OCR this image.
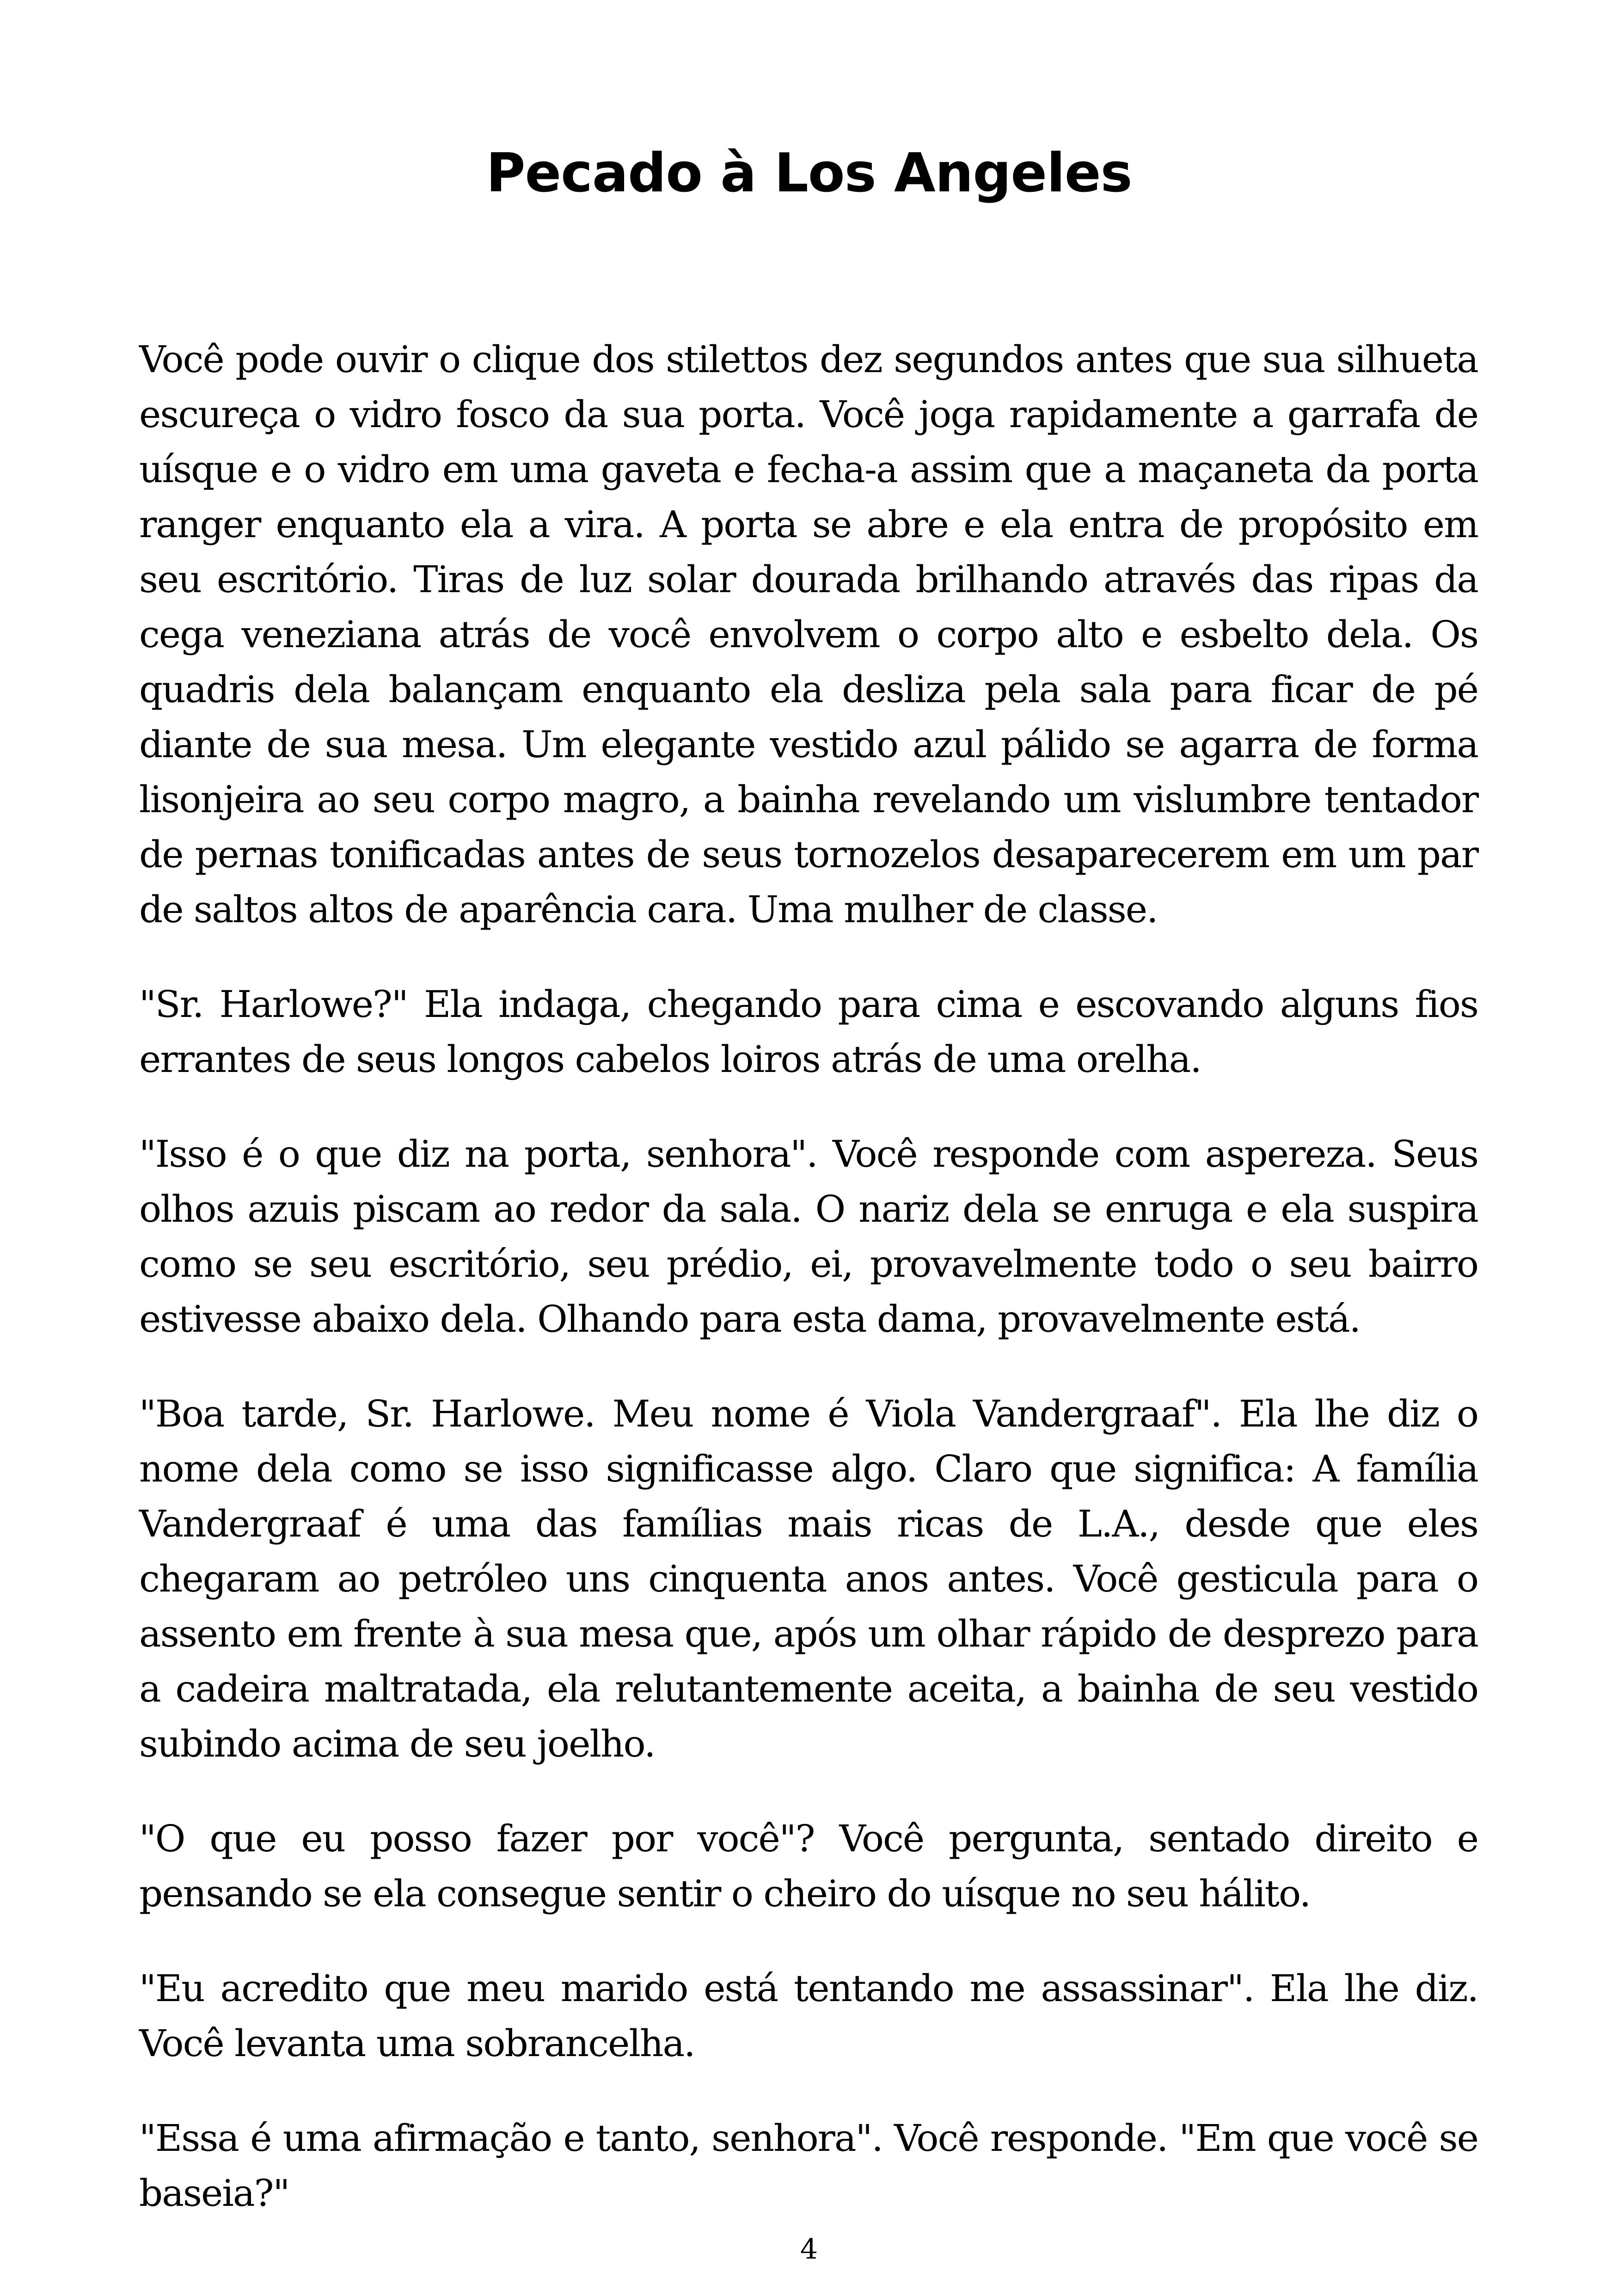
Pecado à Los Angeles

Você pode ouvir o clique dos stilettos dez segundos antes que sua silhueta escureça o vidro fosco da sua porta. Você joga rapidamente a garrafa de uísque e o vidro em uma gaveta e fecha-a assim que a maçaneta da porta ranger enquanto ela a vira. A porta se abre e ela entra de propósito em seu escritório. Tiras de luz solar dourada brilhando através das ripas da cega veneziana atrás de você envolvem o corpo alto e esbelto dela. Os quadris dela balançam enquanto ela desliza pela sala para ficar de pé diante de sua mesa. Um elegante vestido azul pálido se agarra de forma lisonjeira ao seu corpo magro, a bainha revelando um vislumbre tentador de pernas tonificadas antes de seus tornozelos desaparecerem em um par de saltos altos de aparência cara. Uma mulher de classe.

"Sr. Harlowe?" Ela indaga, chegando para cima e escovando alguns fios errantes de seus longos cabelos loiros atrás de uma orelha.

"Isso é o que diz na porta, senhora". Você responde com aspereza. Seus olhos azuis piscam ao redor da sala. O nariz dela se enruga e ela suspira como se seu escritório, seu prédio, ei, provavelmente todo o seu bairro estivesse abaixo dela. Olhando para esta dama, provavelmente está.

"Boa tarde, Sr. Harlowe. Meu nome é Viola Vandergraaf". Ela lhe diz o nome dela como se isso significasse algo. Claro que significa: A família Vandergraaf é uma das famílias mais ricas de L.A., desde que eles chegaram ao petróleo uns cinquenta anos antes. Você gesticula para o assento em frente à sua mesa que, após um olhar rápido de desprezo para a cadeira maltratada, ela relutantemente aceita, a bainha de seu vestido subindo acima de seu joelho.

"O que eu posso fazer por você"? Você pergunta, sentado direito e pensando se ela consegue sentir o cheiro do uísque no seu hálito.

"Eu acredito que meu marido está tentando me assassinar". Ela lhe diz. Você levanta uma sobrancelha.

"Essa é uma afirmação e tanto, senhora". Você responde. "Em que você se baseia?"

4
